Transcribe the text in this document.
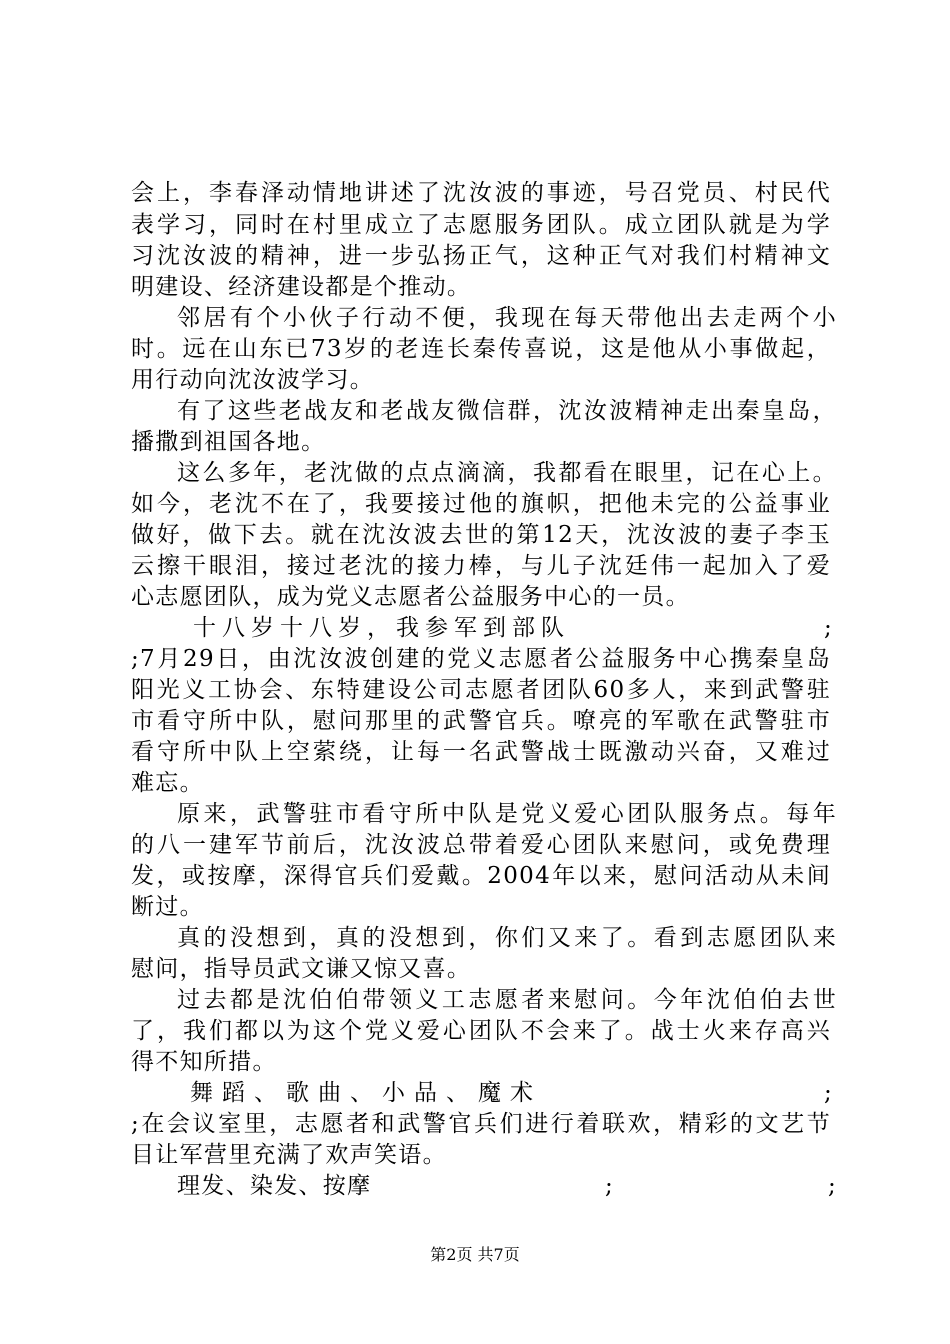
会上，李春泽动情地讲述了沈汝波的事迹，号召党员、村民代
表学习，同时在村里成立了志愿服务团队。成立团队就是为学
习沈汝波的精神，进一步弘扬正气，这种正气对我们村精神文
明建设、经济建设都是个推动。
邻居有个小伙子行动不便，我现在每天带他出去走两个小
时。远在山东已73岁的老连长秦传喜说，这是他从小事做起，
用行动向沈汝波学习。
有了这些老战友和老战友微信群，沈汝波精神走出秦皇岛，
播撒到祖国各地。
这么多年，老沈做的点点滴滴，我都看在眼里，记在心上。
如今，老沈不在了，我要接过他的旗帜，把他未完的公益事业
做好，做下去。就在沈汝波去世的第12天，沈汝波的妻子李玉
云擦干眼泪，接过老沈的接力棒，与儿子沈廷伟一起加入了爱
心志愿团队，成为党义志愿者公益服务中心的一员。
十八岁十八岁，我参军到部队	;
;7月29日，由沈汝波创建的党义志愿者公益服务中心携秦皇岛
阳光义工协会、东特建设公司志愿者团队60多人，来到武警驻
市看守所中队，慰问那里的武警官兵。嘹亮的军歌在武警驻市
看守所中队上空萦绕，让每一名武警战士既激动兴奋，又难过
难忘。
原来，武警驻市看守所中队是党义爱心团队服务点。每年
的八一建军节前后，沈汝波总带着爱心团队来慰问，或免费理
发，或按摩，深得官兵们爱戴。2004年以来，慰问活动从未间
断过。
真的没想到，真的没想到，你们又来了。看到志愿团队来
慰问，指导员武文谦又惊又喜。
过去都是沈伯伯带领义工志愿者来慰问。今年沈伯伯去世
了，我们都以为这个党义爱心团队不会来了。战士火来存高兴
得不知所措。
舞蹈、歌曲、小品、魔术	;
;在会议室里，志愿者和武警官兵们进行着联欢，精彩的文艺节
目让军营里充满了欢声笑语。
理发、染发、按摩	;	;
第2页 共7页
